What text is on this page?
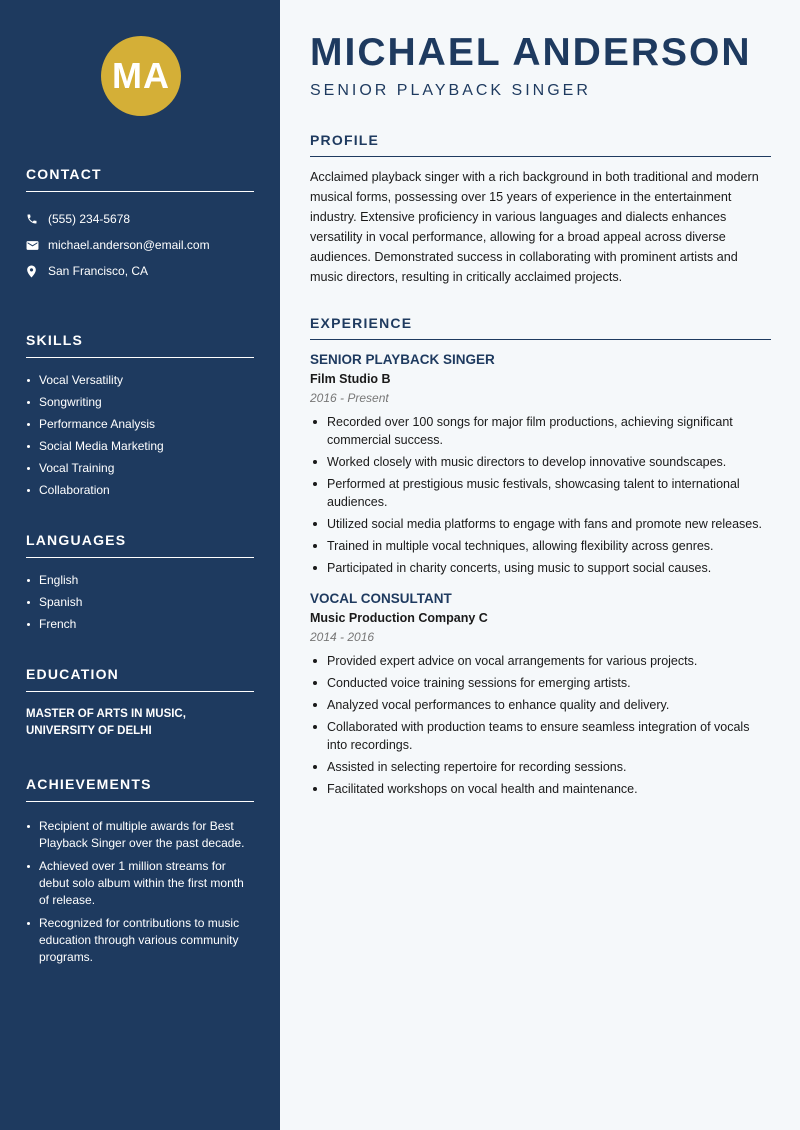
MA
CONTACT
(555) 234-5678
michael.anderson@email.com
San Francisco, CA
SKILLS
Vocal Versatility
Songwriting
Performance Analysis
Social Media Marketing
Vocal Training
Collaboration
LANGUAGES
English
Spanish
French
EDUCATION
MASTER OF ARTS IN MUSIC,
UNIVERSITY OF DELHI
ACHIEVEMENTS
Recipient of multiple awards for Best Playback Singer over the past decade.
Achieved over 1 million streams for debut solo album within the first month of release.
Recognized for contributions to music education through various community programs.
MICHAEL ANDERSON
SENIOR PLAYBACK SINGER
PROFILE

Acclaimed playback singer with a rich background in both traditional and modern musical forms, possessing over 15 years of experience in the entertainment industry. Extensive proficiency in various languages and dialects enhances versatility in vocal performance, allowing for a broad appeal across diverse audiences. Demonstrated success in collaborating with prominent artists and music directors, resulting in critically acclaimed projects.

EXPERIENCE
SENIOR PLAYBACK SINGER
Film Studio B
2016 - Present
Recorded over 100 songs for major film productions, achieving significant commercial success.
Worked closely with music directors to develop innovative soundscapes.
Performed at prestigious music festivals, showcasing talent to international audiences.
Utilized social media platforms to engage with fans and promote new releases.
Trained in multiple vocal techniques, allowing flexibility across genres.
Participated in charity concerts, using music to support social causes.
VOCAL CONSULTANT
Music Production Company C
2014 - 2016
Provided expert advice on vocal arrangements for various projects.
Conducted voice training sessions for emerging artists.
Analyzed vocal performances to enhance quality and delivery.
Collaborated with production teams to ensure seamless integration of vocals into recordings.
Assisted in selecting repertoire for recording sessions.
Facilitated workshops on vocal health and maintenance.
